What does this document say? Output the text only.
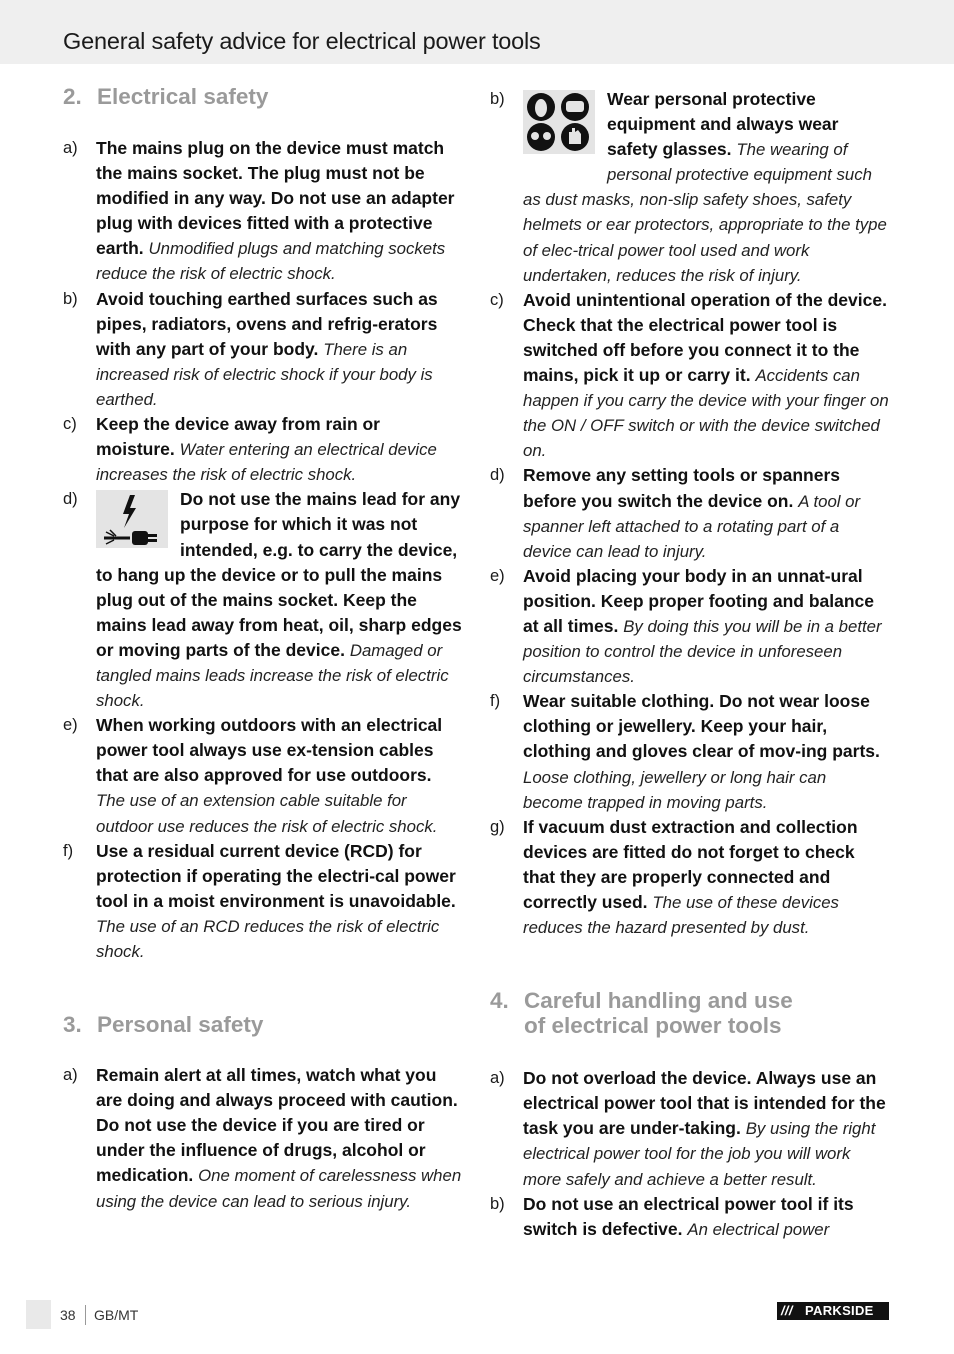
General safety advice for electrical power tools
2. Electrical safety
a) The mains plug on the device must match the mains socket. The plug must not be modified in any way. Do not use an adapter plug with devices fitted with a protective earth. Unmodified plugs and matching sockets reduce the risk of electric shock.
b) Avoid touching earthed surfaces such as pipes, radiators, ovens and refrig-erators with any part of your body. There is an increased risk of electric shock if your body is earthed.
c) Keep the device away from rain or moisture. Water entering an electrical device increases the risk of electric shock.
d)	Do not use the mains lead for any purpose for which it was not intended, e.g. to carry the device, to hang up the device or to pull the mains plug out of the mains socket. Keep the mains lead away from heat, oil, sharp edges or moving parts of the device. Damaged or tangled mains leads increase the risk of electric shock.
e) When working outdoors with an electrical power tool always use ex-tension cables that are also approved for use outdoors. The use of an extension cable suitable for outdoor use reduces the risk of electric shock.
f) Use a residual current device (RCD) for protection if operating the electri-cal power tool in a moist environment is unavoidable. The use of an RCD reduces the risk of electric shock.
3. Personal safety
a) Remain alert at all times, watch what you are doing and always proceed with caution. Do not use the device if you are tired or under the influence of drugs, alcohol or medication. One moment of carelessness when using the device can lead to serious injury.
b)	Wear personal protective equipment and always wear safety glasses. The wearing of personal protective equipment such as dust masks, non-slip safety shoes, safety helmets or ear protectors, appropriate to the type of elec-trical power tool used and work undertaken, reduces the risk of injury.
c) Avoid unintentional operation of the device. Check that the electrical power tool is switched off before you connect it to the mains, pick it up or carry it. Accidents can happen if you carry the device with your finger on the ON / OFF switch or with the device switched on.
d) Remove any setting tools or spanners before you switch the device on. A tool or spanner left attached to a rotating part of a device can lead to injury.
e) Avoid placing your body in an unnat-ural position. Keep proper footing and balance at all times. By doing this you will be in a better position to control the device in unforeseen circumstances.
f) Wear suitable clothing. Do not wear loose clothing or jewellery. Keep your hair, clothing and gloves clear of mov-ing parts. Loose clothing, jewellery or long hair can become trapped in moving parts.
g) If vacuum dust extraction and collection devices are fitted do not forget to check that they are properly connected and correctly used. The use of these devices reduces the hazard presented by dust.
4. Careful handling and use
of electrical power tools
a) Do not overload the device. Always use an electrical power tool that is intended for the task you are under-taking. By using the right electrical power tool for the job you will work more safely and achieve a better result.
b) Do not use an electrical power tool if its switch is defective. An electrical power
38 GB/MT	/// PARKSIDE
